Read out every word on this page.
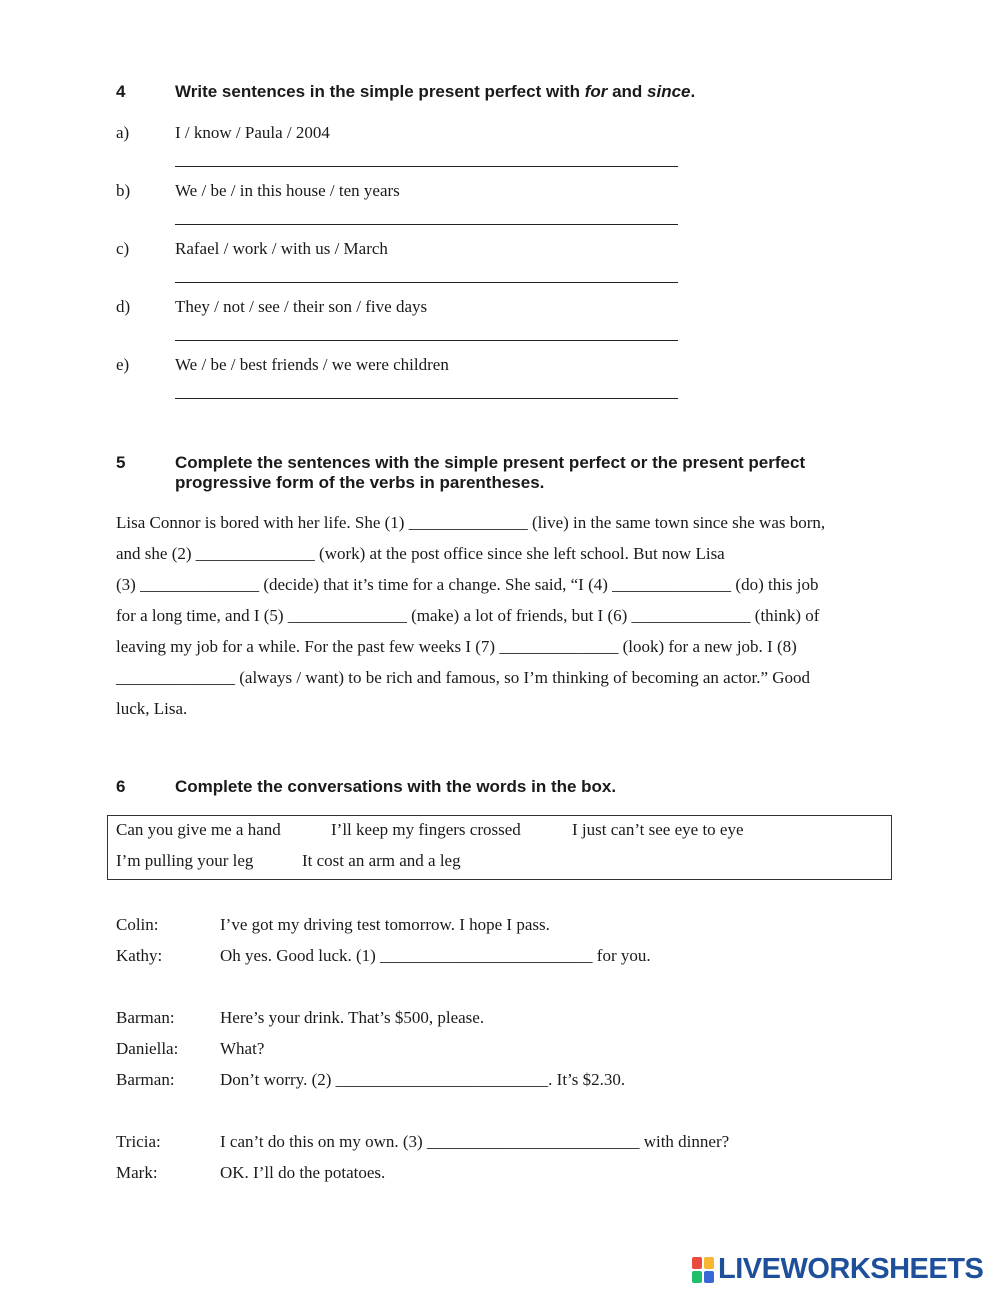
4	Write sentences in the simple present perfect with for and since.
a)	I / know / Paula / 2004
b)	We / be / in this house / ten years
c)	Rafael / work / with us / March
d)	They / not / see / their son / five days
e)	We / be / best friends / we were children
5	Complete the sentences with the simple present perfect or the present perfect progressive form of the verbs in parentheses.
Lisa Connor is bored with her life. She (1) ______________ (live) in the same town since she was born,
and she (2) ______________ (work) at the post office since she left school. But now Lisa
(3) ______________ (decide) that it’s time for a change. She said, “I (4) ______________ (do) this job
for a long time, and I (5) ______________ (make) a lot of friends, but I (6) ______________ (think) of
leaving my job for a while. For the past few weeks I (7) ______________ (look) for a new job. I (8)
______________ (always / want) to be rich and famous, so I’m thinking of becoming an actor.” Good
luck, Lisa.
6	Complete the conversations with the words in the box.
Can you give me a hand	I’ll keep my fingers crossed	I just can’t see eye to eye
I’m pulling your leg	It cost an arm and a leg
Colin:	I’ve got my driving test tomorrow. I hope I pass.
Kathy:	Oh yes. Good luck. (1) _________________________ for you.
Barman:	Here’s your drink. That’s $500, please.
Daniella: What?
Barman:	Don’t worry. (2) _________________________. It’s $2.30.
Tricia:	I can’t do this on my own. (3) _________________________ with dinner?
Mark:	OK. I’ll do the potatoes.
LIVEWORKSHEETS
